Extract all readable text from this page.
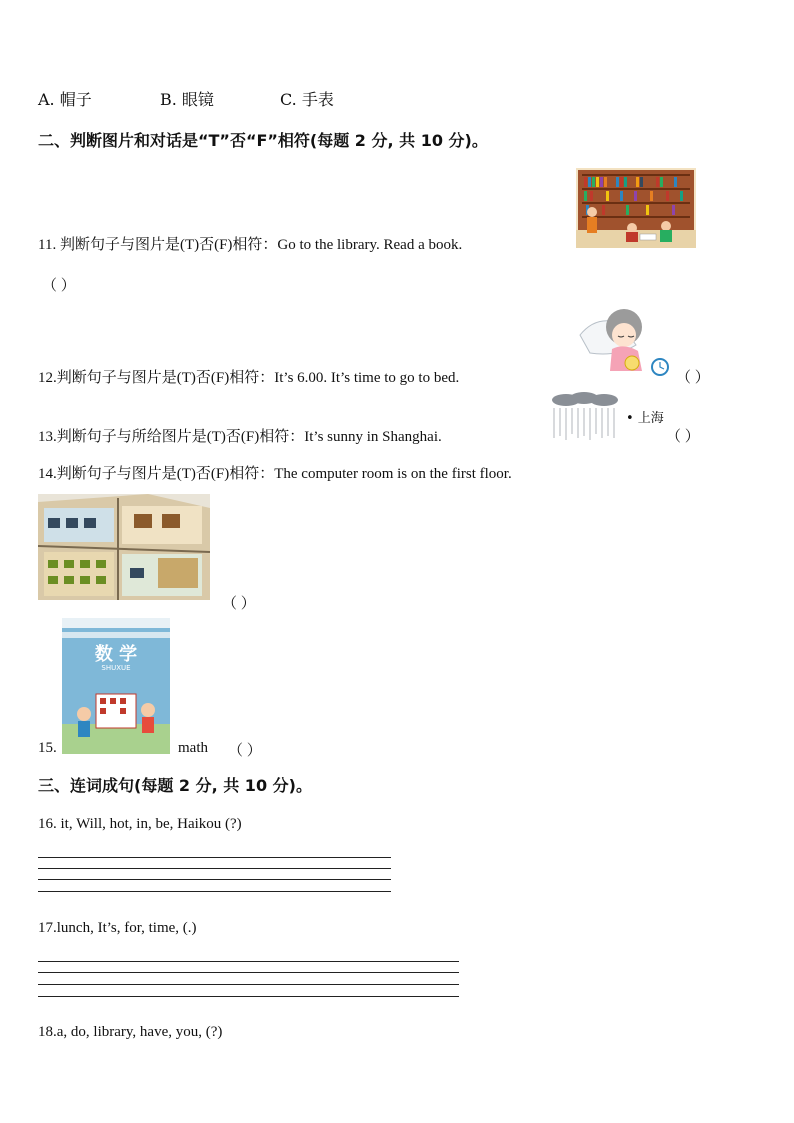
A. 帽子	B. 眼镜	C. 手表
二、判断图片和对话是“T”否“F”相符(每题 2 分, 共 10 分)。
11. 判断句子与图片是(T)否(F)相符：Go to the library. Read a book.
（ ）
12.判断句子与图片是(T)否(F)相符：It’s 6.00. It’s time to go to bed.	（ ）
13.判断句子与所给图片是(T)否(F)相符：It’s sunny in Shanghai.
• 上海
（ ）
14.判断句子与图片是(T)否(F)相符：The computer room is on the first floor.
（ ）
15.
数 学
SHUXUE
math （ ）
三、连词成句(每题 2 分, 共 10 分)。
16. it, Will, hot, in, be, Haikou (?)
17.lunch, It’s, for, time, (.)
18.a, do, library, have, you, (?)
